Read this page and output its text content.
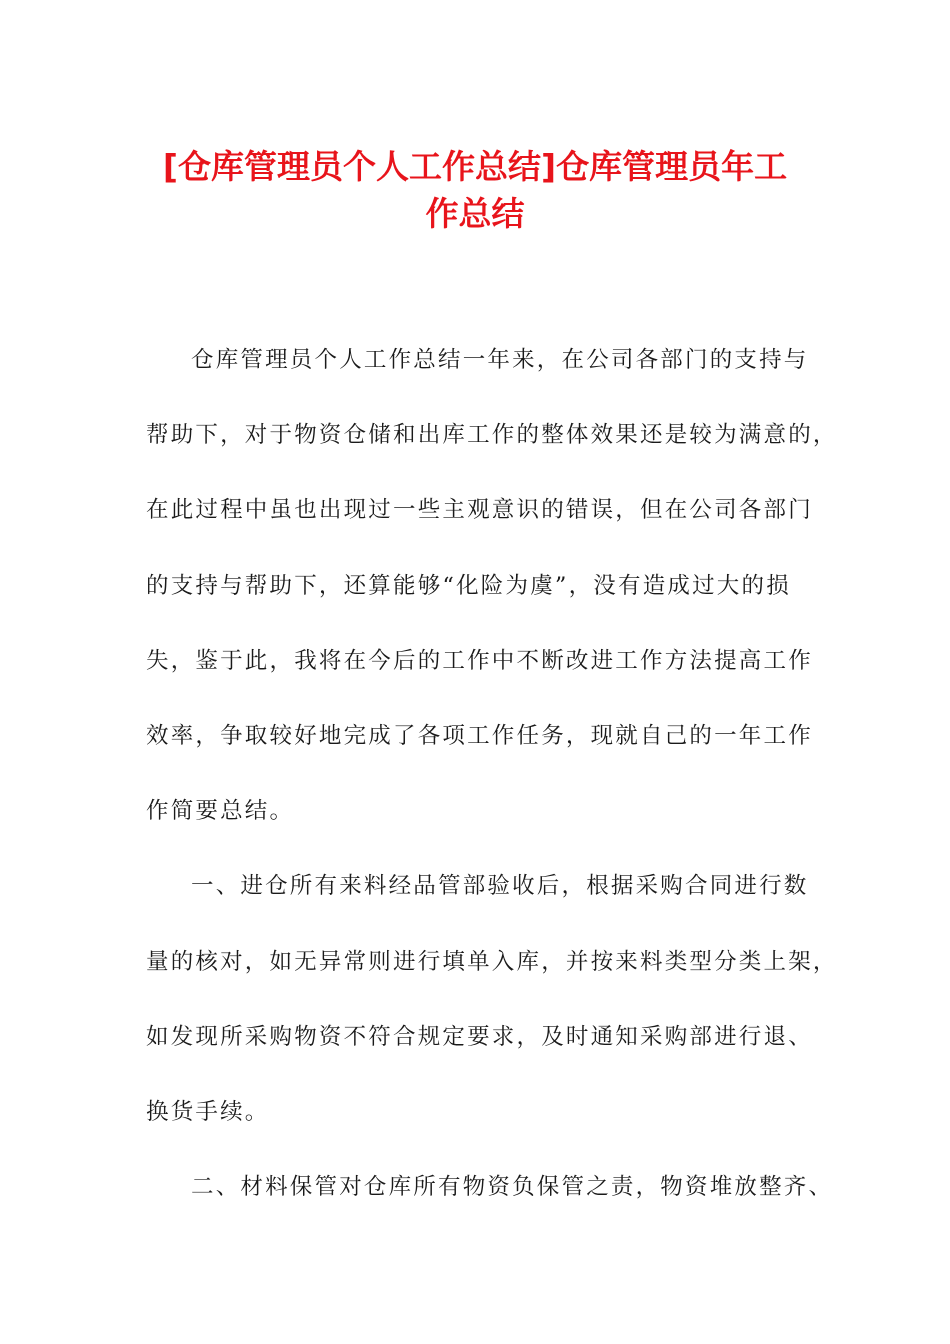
[仓库管理员个人工作总结]仓库管理员年工
作总结
仓库管理员个人工作总结一年来，在公司各部门的支持与
帮助下，对于物资仓储和出库工作的整体效果还是较为满意的，
在此过程中虽也出现过一些主观意识的错误，但在公司各部门
的支持与帮助下，还算能够“化险为虞”，没有造成过大的损
失，鉴于此，我将在今后的工作中不断改进工作方法提高工作
效率，争取较好地完成了各项工作任务，现就自己的一年工作
作简要总结。
一、进仓所有来料经品管部验收后，根据采购合同进行数
量的核对，如无异常则进行填单入库，并按来料类型分类上架，
如发现所采购物资不符合规定要求，及时通知采购部进行退、
换货手续。
二、材料保管对仓库所有物资负保管之责，物资堆放整齐、
